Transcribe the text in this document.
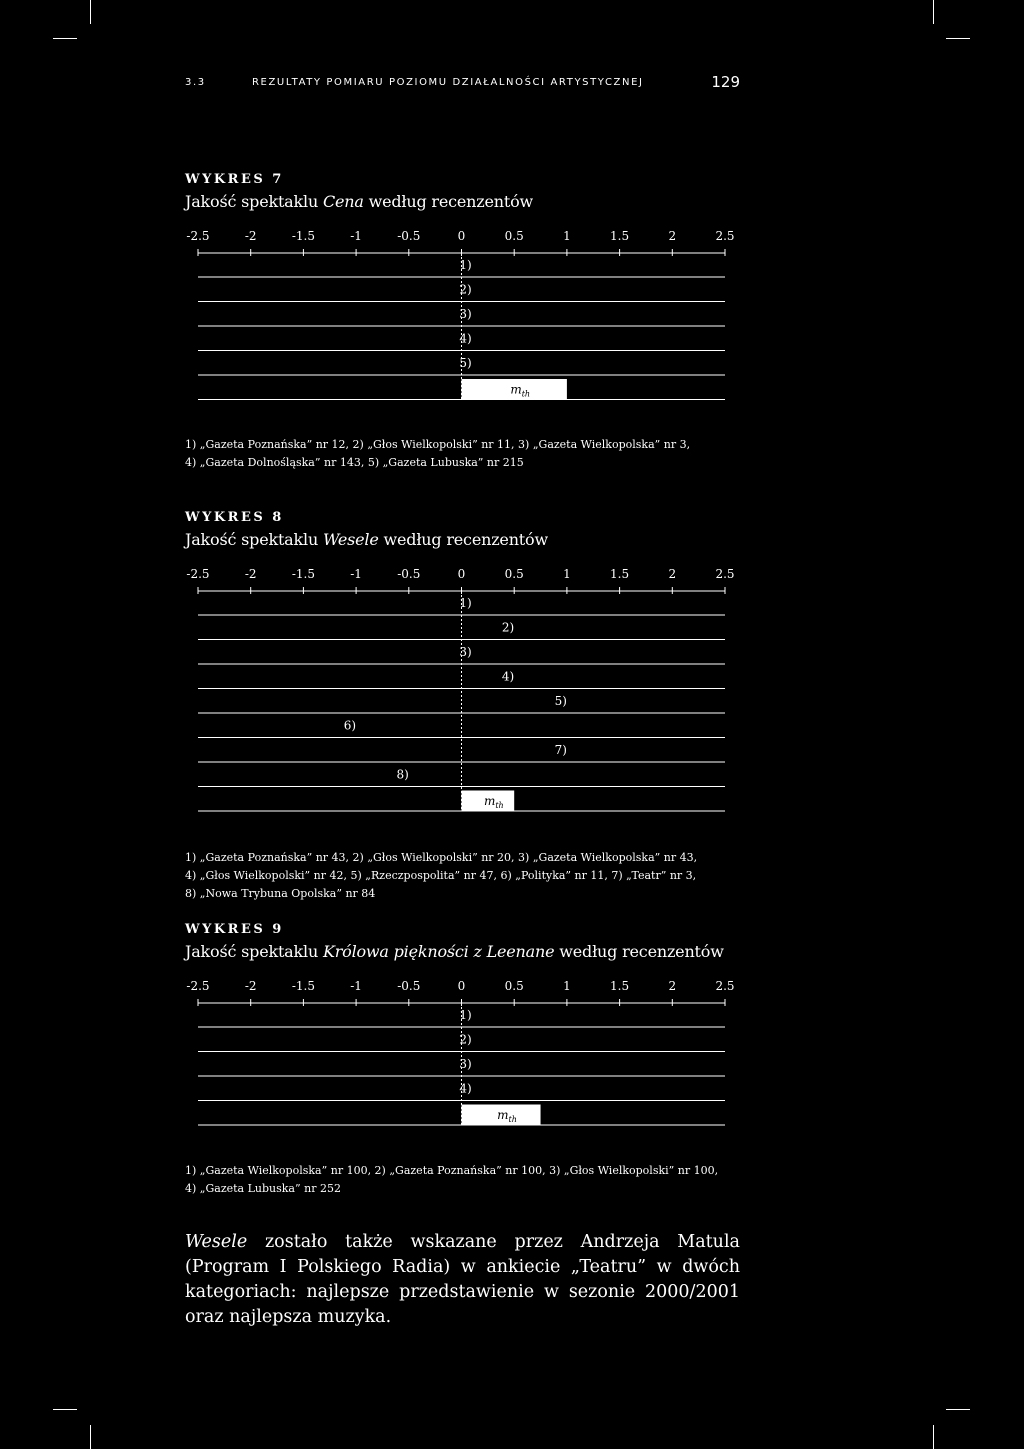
3.3	REZULTATY POMIARU POZIOMU DZIAŁALNOŚCI ARTYSTYCZNEJ	129
WYKRES 7
Jakość spektaklu Cena według recenzentów
-2.5	-2	-1.5	-1	-0.5	0	0.5	1	1.5	2	2.5
1)
2)
3)
4)
5)
$m_{th}$
1) „Gazeta Poznańska” nr 12, 2) „Głos Wielkopolski” nr 11, 3) „Gazeta Wielkopolska” nr 3,
4) „Gazeta Dolnośląska” nr 143, 5) „Gazeta Lubuska” nr 215
WYKRES 8
Jakość spektaklu Wesele według recenzentów
-2.5	-2	-1.5	-1	-0.5	0	0.5	1	1.5	2	2.5
1)
2)
3)
4)
5)
6)
7)
8)
$m_{th}$
1) „Gazeta Poznańska” nr 43, 2) „Głos Wielkopolski” nr 20, 3) „Gazeta Wielkopolska” nr 43,
4) „Głos Wielkopolski” nr 42, 5) „Rzeczpospolita” nr 47, 6) „Polityka” nr 11, 7) „Teatr” nr 3,
8) „Nowa Trybuna Opolska” nr 84
WYKRES 9
Jakość spektaklu Królowa piękności z Leenane według recenzentów
-2.5	-2	-1.5	-1	-0.5	0	0.5	1	1.5	2	2.5
1)
2)
3)
4)
$m_{th}$
1) „Gazeta Wielkopolska” nr 100, 2) „Gazeta Poznańska” nr 100, 3) „Głos Wielkopolski” nr 100,
4) „Gazeta Lubuska” nr 252
Wesele zostało także wskazane przez Andrzeja Matula (Program I Polskiego Radia) w ankiecie „Teatru” w dwóch kategoriach: najlepsze przedstawienie w sezonie 2000/2001 oraz najlepsza muzyka.
